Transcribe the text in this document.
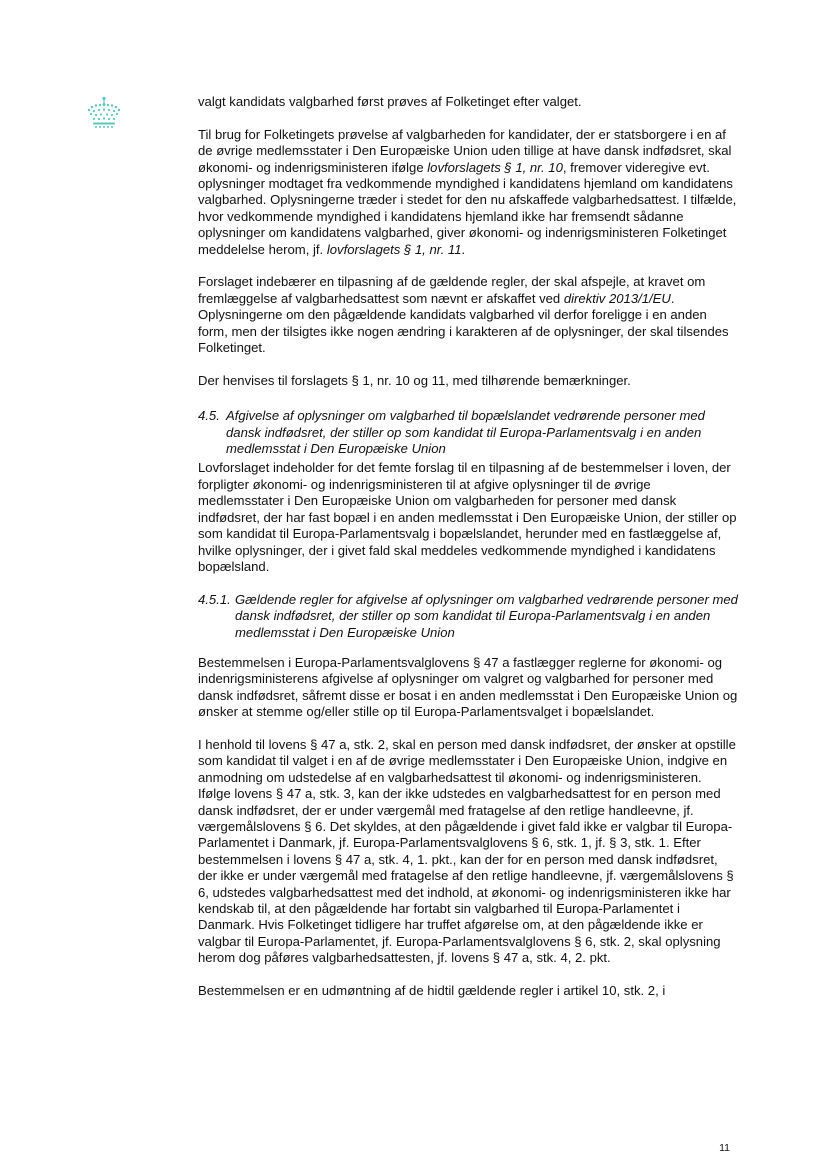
valgt kandidats valgbarhed først prøves af Folketinget efter valget.

Til brug for Folketingets prøvelse af valgbarheden for kandidater, der er statsborgere i en af de øvrige medlemsstater i Den Europæiske Union uden tillige at have dansk indfødsret, skal økonomi- og indenrigsministeren ifølge lovforslagets § 1, nr. 10, fremover videregive evt. oplysninger modtaget fra vedkommende myndighed i kandidatens hjemland om kandidatens valgbarhed. Oplysningerne træder i stedet for den nu afskaffede valgbarhedsattest. I tilfælde, hvor vedkommende myndighed i kandidatens hjemland ikke har fremsendt sådanne oplysninger om kandidatens valgbarhed, giver økonomi- og indenrigsministeren Folketinget meddelelse herom, jf. lovforslagets § 1, nr. 11.

Forslaget indebærer en tilpasning af de gældende regler, der skal afspejle, at kravet om fremlæggelse af valgbarhedsattest som nævnt er afskaffet ved direktiv 2013/1/EU. Oplysningerne om den pågældende kandidats valgbarhed vil derfor foreligge i en anden form, men der tilsigtes ikke nogen ændring i karakteren af de oplysninger, der skal tilsendes Folketinget.

Der henvises til forslagets § 1, nr. 10 og 11, med tilhørende bemærkninger.

4.5. Afgivelse af oplysninger om valgbarhed til bopælslandet vedrørende personer med dansk indfødsret, der stiller op som kandidat til Europa-Parlamentsvalg i en anden medlemsstat i Den Europæiske Union

Lovforslaget indeholder for det femte forslag til en tilpasning af de bestemmelser i loven, der forpligter økonomi- og indenrigsministeren til at afgive oplysninger til de øvrige medlemsstater i Den Europæiske Union om valgbarheden for personer med dansk indfødsret, der har fast bopæl i en anden medlemsstat i Den Europæiske Union, der stiller op som kandidat til Europa-Parlamentsvalg i bopælslandet, herunder med en fastlæggelse af, hvilke oplysninger, der i givet fald skal meddeles vedkommende myndighed i kandidatens bopælsland.

4.5.1. Gældende regler for afgivelse af oplysninger om valgbarhed vedrørende personer med dansk indfødsret, der stiller op som kandidat til Europa-Parlamentsvalg i en anden medlemsstat i Den Europæiske Union

Bestemmelsen i Europa-Parlamentsvalglovens § 47 a fastlægger reglerne for økonomi- og indenrigsministerens afgivelse af oplysninger om valgret og valgbarhed for personer med dansk indfødsret, såfremt disse er bosat i en anden medlemsstat i Den Europæiske Union og ønsker at stemme og/eller stille op til Europa-Parlamentsvalget i bopælslandet.

I henhold til lovens § 47 a, stk. 2, skal en person med dansk indfødsret, der ønsker at opstille som kandidat til valget i en af de øvrige medlemsstater i Den Europæiske Union, indgive en anmodning om udstedelse af en valgbarhedsattest til økonomi- og indenrigsministeren. Ifølge lovens § 47 a, stk. 3, kan der ikke udstedes en valgbarhedsattest for en person med dansk indfødsret, der er under værgemål med fratagelse af den retlige handleevne, jf. værgemålslovens § 6. Det skyldes, at den pågældende i givet fald ikke er valgbar til Europa-Parlamentet i Danmark, jf. Europa-Parlamentsvalglovens § 6, stk. 1, jf. § 3, stk. 1. Efter bestemmelsen i lovens § 47 a, stk. 4, 1. pkt., kan der for en person med dansk indfødsret, der ikke er under værgemål med fratagelse af den retlige handleevne, jf. værgemålslovens § 6, udstedes valgbarhedsattest med det indhold, at økonomi- og indenrigsministeren ikke har kendskab til, at den pågældende har fortabt sin valgbarhed til Europa-Parlamentet i Danmark. Hvis Folketinget tidligere har truffet afgørelse om, at den pågældende ikke er valgbar til Europa-Parlamentet, jf. Europa-Parlamentsvalglovens § 6, stk. 2, skal oplysning herom dog påføres valgbarhedsattesten, jf. lovens § 47 a, stk. 4, 2. pkt.

Bestemmelsen er en udmøntning af de hidtil gældende regler i artikel 10, stk. 2, i

11
